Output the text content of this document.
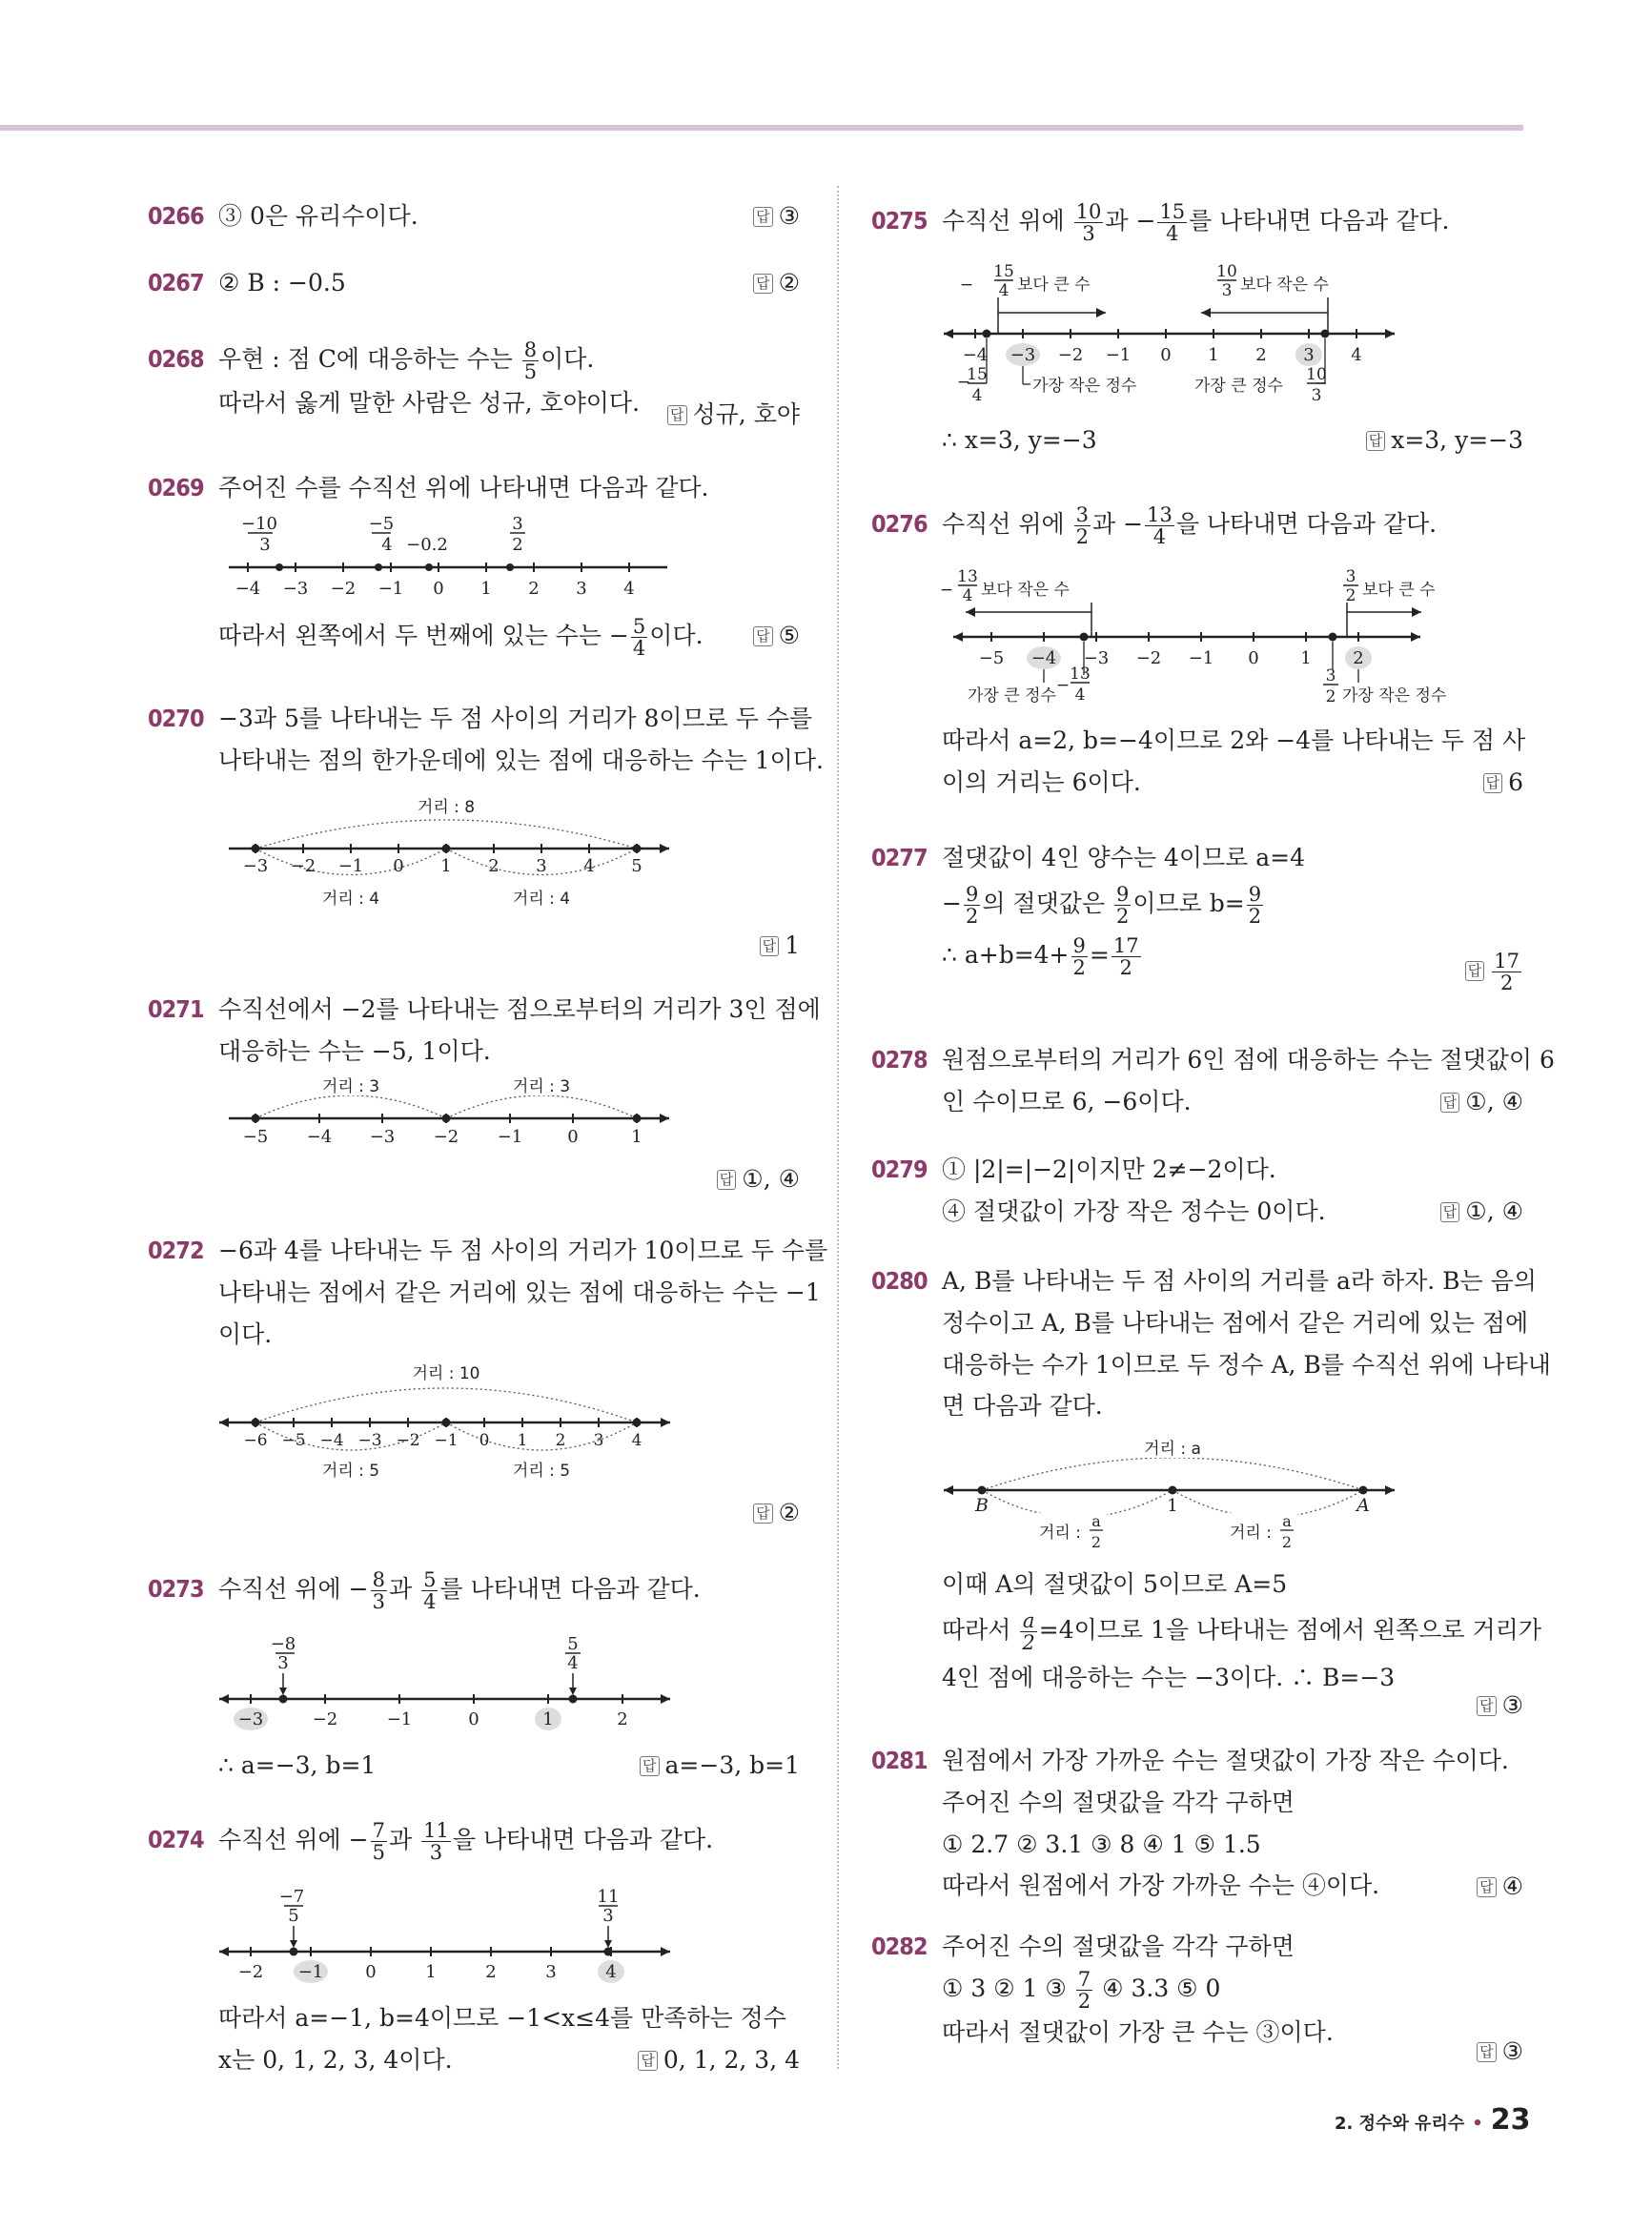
0266 ③ 0은 유리수이다.	답 ③
0267 ② B : −0.5	답 ②
0268 우현 : 점 C에 대응하는 수는 $\frac{8}{5}$ 이다.
따라서 옳게 말한 사람은 성규, 호야이다.	답 성규, 호야
0269 주어진 수를 수직선 위에 나타내면 다음과 같다.
−10
3
−5
4 −0.2
3
2
−4 −3 −2 −1 0 1 2 3 4
따라서 왼쪽에서 두 번째에 있는 수는 − $\frac{5}{4}$ 이다.	답 ⑤
0270 −3과 5를 나타내는 두 점 사이의 거리가 8이므로 두 수를
나타내는 점의 한가운데에 있는 점에 대응하는 수는 1이다.
거리 : 8
거리 : 4	거리 : 4
−3 −2 −1 0 1 2 3 4 5
답 1
0271 수직선에서 −2를 나타내는 점으로부터의 거리가 3인 점에
대응하는 수는 −5, 1이다.
거리 : 3	거리 : 3
−5 −4 −3 −2 −1	0	1
답 ①, ④
0272 −6과 4를 나타내는 두 점 사이의 거리가 10이므로 두 수를
나타내는 점에서 같은 거리에 있는 점에 대응하는 수는 −1
이다.
거리 : 10
거리 : 5	거리 : 5
−6 −5 −4 −3 −2 −1 0 1 2 3 4
답 ②
0273 수직선 위에 − $\frac{8}{3}$ 과 $\frac{5}{4}$ 를 나타내면 다음과 같다.
−8
3
5
4
−3	−2	−1	0	1	2
∴ a=−3, b=1	답 a=−3, b=1
0274 수직선 위에 − $\frac{7}{5}$ 과 $\frac{11}{3}$ 을 나타내면 다음과 같다.
−7
5
11
3
−2 −1 0	1	2	3	4
따라서 a=−1, b=4이므로 −1<x≤4를 만족하는 정수
x는 0, 1, 2, 3, 4이다.	답 0, 1, 2, 3, 4
0275 수직선 위에 $\frac{10}{3}$ 과 − $\frac{15}{4}$ 를 나타내면 다음과 같다.
−
15
4
10
3
보다 큰 수	보다 작은 수
−4 −3 −2 −1 0 1 2 3 4
−
15
4	가장 작은 정수	가장 큰 정수
10
3
∴ x=3, y=−3	답 x=3, y=−3
0276 수직선 위에 $\frac{3}{2}$ 과 − $\frac{13}{4}$ 을 나타내면 다음과 같다.
−
13
4
3
2
보다 작은 수	보다 큰 수
−5 −4 −3 −2 −1 0 1 2
가장 큰 정수
−
13
4
3
2 가장 작은 정수
따라서 a=2, b=−4이므로 2와 −4를 나타내는 두 점 사
이의 거리는 6이다.	답 6
0277 절댓값이 4인 양수는 4이므로 a=4
− $\frac{9}{2}$ 의 절댓값은 $\frac{9}{2}$ 이므로 $b= \frac{9}{2}$
∴ $a+b=4+ \frac{9}{2} = \frac{17}{2}$	답 $\frac{17}{2}$
0278 원점으로부터의 거리가 6인 점에 대응하는 수는 절댓값이 6
인 수이므로 6, −6이다.	답 ①, ④
0279 ① |2|=|−2|이지만 2≠−2이다.
④ 절댓값이 가장 작은 정수는 0이다.	답 ①, ④
0280 A, B를 나타내는 두 점 사이의 거리를 a라 하자. B는 음의
정수이고 A, B를 나타내는 점에서 같은 거리에 있는 점에
대응하는 수가 1이므로 두 정수 A, B를 수직선 위에 나타내
면 다음과 같다.
거리 : a
거리 :
a
2	거리 :
a
2
B	A
1
이때 A의 절댓값이 5이므로 A=5
따라서 $\frac{a}{2} =4$이므로 1을 나타내는 점에서 왼쪽으로 거리가
4인 점에 대응하는 수는 −3이다. ∴ B=−3
답 ③
0281 원점에서 가장 가까운 수는 절댓값이 가장 작은 수이다.
주어진 수의 절댓값을 각각 구하면
① 2.7 ② 3.1 ③ 8 ④ 1 ⑤ 1.5
따라서 원점에서 가장 가까운 수는 ④이다.	답 ④
0282 주어진 수의 절댓값을 각각 구하면
① 3 ② 1 ③ $\frac{7}{2}$ ④ 3.3 ⑤ 0
따라서 절댓값이 가장 큰 수는 ③이다.
답 ③
2. 정수와 유리수 • 23
